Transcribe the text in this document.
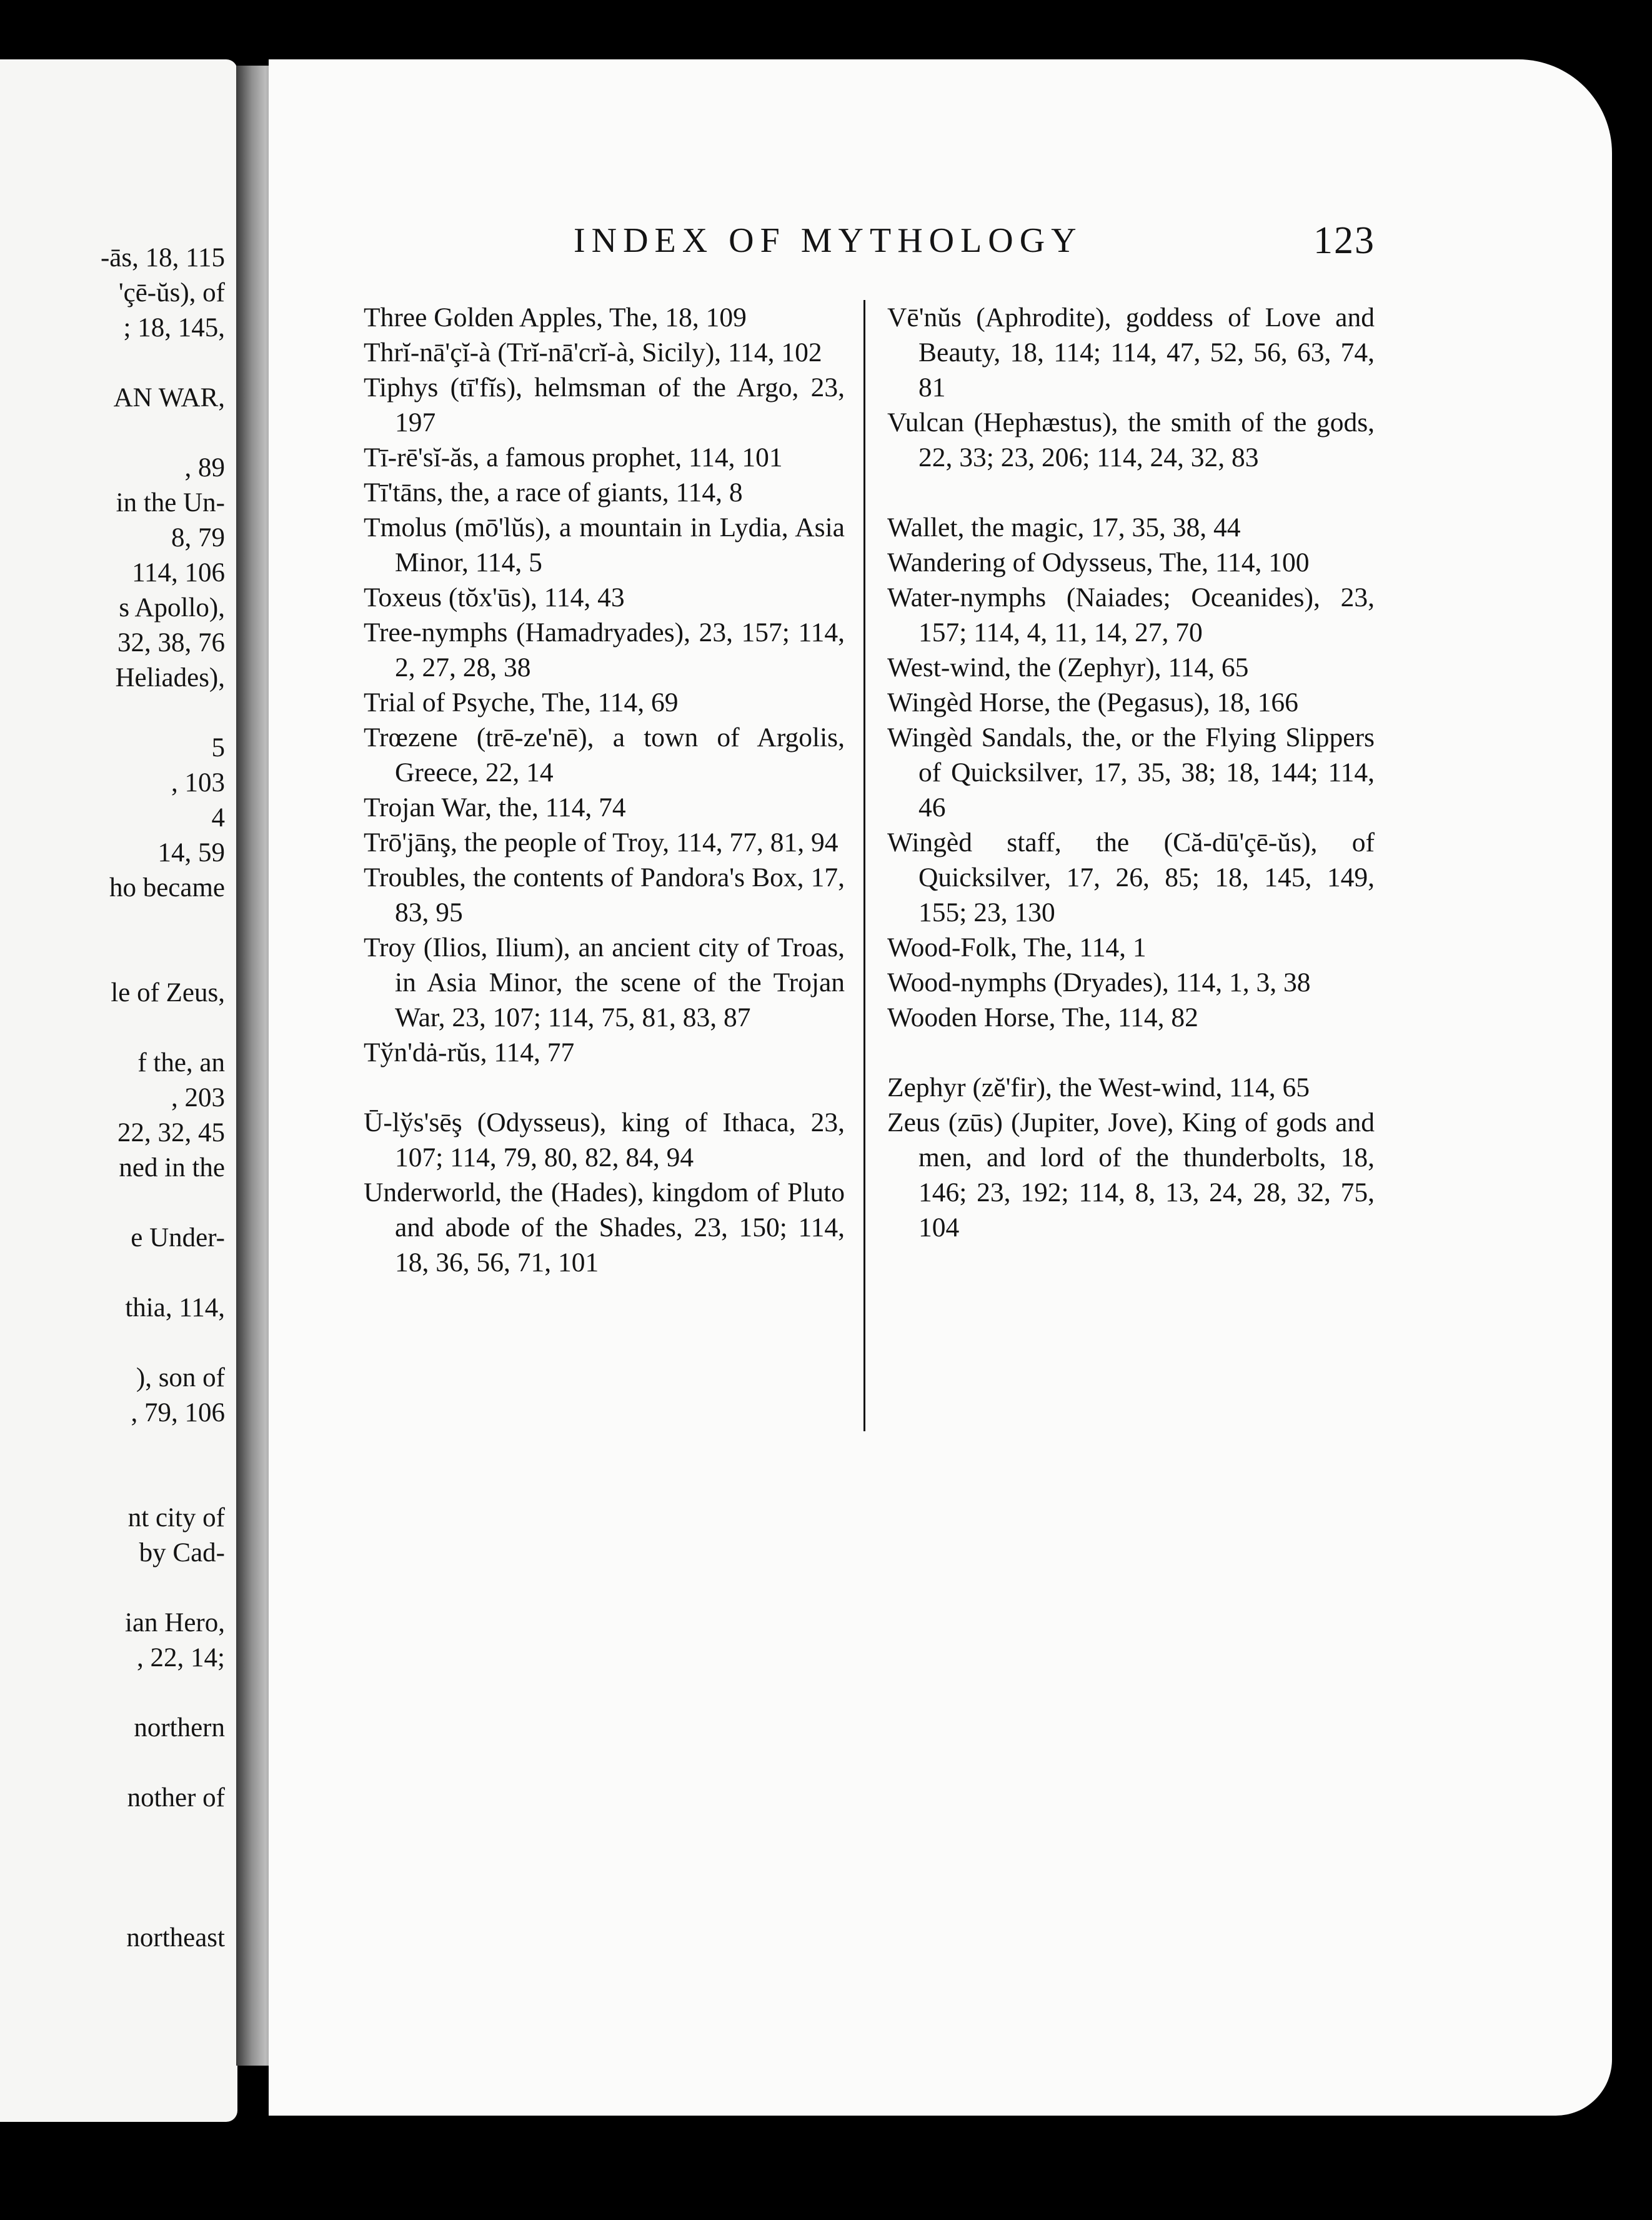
-ās, 18, 115
'çē-ŭs), of
; 18, 145,
AN WAR,
, 89
in the Un-
8, 79
114, 106
s Apollo),
32, 38, 76
Heliades),
5
, 103
4
14, 59
ho became
le of Zeus,
f the, an
, 203
22, 32, 45
ned in the
e Under-
thia, 114,
), son of
, 79, 106
nt city of
by Cad-
ian Hero,
, 22, 14;
northern
nother of
northeast
INDEX OF MYTHOLOGY	123
Three Golden Apples, The, 18, 109
Thrĭ-nā'çĭ-à (Trĭ-nā'crĭ-à, Sicily), 114, 102
Tiphys (tī'fĭs), helmsman of the Argo, 23, 197
Tī-rē'sĭ-ăs, a famous prophet, 114, 101
Tī'tāns, the, a race of giants, 114, 8
Tmolus (mō'lŭs), a mountain in Lydia, Asia Minor, 114, 5
Toxeus (tŏx'ūs), 114, 43
Tree-nymphs (Hamadryades), 23, 157; 114, 2, 27, 28, 38
Trial of Psyche, The, 114, 69
Trœzene (trē-ze'nē), a town of Argolis, Greece, 22, 14
Trojan War, the, 114, 74
Trō'jānş, the people of Troy, 114, 77, 81, 94
Troubles, the contents of Pandora's Box, 17, 83, 95
Troy (Ilios, Ilium), an ancient city of Troas, in Asia Minor, the scene of the Trojan War, 23, 107; 114, 75, 81, 83, 87
Tўn'dȧ-rŭs, 114, 77
Ū-lўs'sēş (Odysseus), king of Ithaca, 23, 107; 114, 79, 80, 82, 84, 94
Underworld, the (Hades), kingdom of Pluto and abode of the Shades, 23, 150; 114, 18, 36, 56, 71, 101
Vē'nŭs (Aphrodite), goddess of Love and Beauty, 18, 114; 114, 47, 52, 56, 63, 74, 81
Vulcan (Hephæstus), the smith of the gods, 22, 33; 23, 206; 114, 24, 32, 83
Wallet, the magic, 17, 35, 38, 44
Wandering of Odysseus, The, 114, 100
Water-nymphs (Naiades; Oceanides), 23, 157; 114, 4, 11, 14, 27, 70
West-wind, the (Zephyr), 114, 65
Wingèd Horse, the (Pegasus), 18, 166
Wingèd Sandals, the, or the Flying Slippers of Quicksilver, 17, 35, 38; 18, 144; 114, 46
Wingèd staff, the (Că-dū'çē-ŭs), of Quicksilver, 17, 26, 85; 18, 145, 149, 155; 23, 130
Wood-Folk, The, 114, 1
Wood-nymphs (Dryades), 114, 1, 3, 38
Wooden Horse, The, 114, 82
Zephyr (zĕ'fir), the West-wind, 114, 65
Zeus (zūs) (Jupiter, Jove), King of gods and men, and lord of the thunderbolts, 18, 146; 23, 192; 114, 8, 13, 24, 28, 32, 75, 104
